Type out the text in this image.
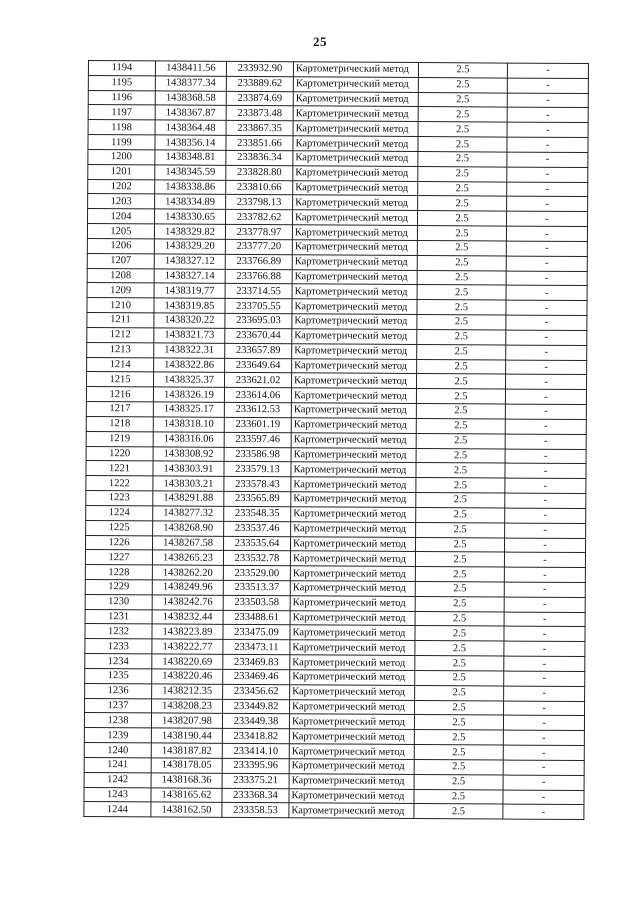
25
1194	1438411.56	233932.90	Картометрический метод	2.5	-
1195	1438377.34	233889.62	Картометрический метод	2.5	-
1196	1438368.58	233874.69	Картометрический метод	2.5	-
1197	1438367.87	233873.48	Картометрический метод	2.5	-
1198	1438364.48	233867.35	Картометрический метод	2.5	-
1199	1438356.14	233851.66	Картометрический метод	2.5	-
1200	1438348.81	233836.34	Картометрический метод	2.5	-
1201	1438345.59	233828.80	Картометрический метод	2.5	-
1202	1438338.86	233810.66	Картометрический метод	2.5	-
1203	1438334.89	233798.13	Картометрический метод	2.5	-
1204	1438330.65	233782.62	Картометрический метод	2.5	-
1205	1438329.82	233778.97	Картометрический метод	2.5	-
1206	1438329.20	233777.20	Картометрический метод	2.5	-
1207	1438327.12	233766.89	Картометрический метод	2.5	-
1208	1438327.14	233766.88	Картометрический метод	2.5	-
1209	1438319.77	233714.55	Картометрический метод	2.5	-
1210	1438319.85	233705.55	Картометрический метод	2.5	-
1211	1438320.22	233695.03	Картометрический метод	2.5	-
1212	1438321.73	233670.44	Картометрический метод	2.5	-
1213	1438322.31	233657.89	Картометрический метод	2.5	-
1214	1438322.86	233649.64	Картометрический метод	2.5	-
1215	1438325.37	233621.02	Картометрический метод	2.5	-
1216	1438326.19	233614.06	Картометрический метод	2.5	-
1217	1438325.17	233612.53	Картометрический метод	2.5	-
1218	1438318.10	233601.19	Картометрический метод	2.5	-
1219	1438316.06	233597.46	Картометрический метод	2.5	-
1220	1438308.92	233586.98	Картометрический метод	2.5	-
1221	1438303.91	233579.13	Картометрический метод	2.5	-
1222	1438303.21	233578.43	Картометрический метод	2.5	-
1223	1438291.88	233565.89	Картометрический метод	2.5	-
1224	1438277.32	233548.35	Картометрический метод	2.5	-
1225	1438268.90	233537.46	Картометрический метод	2.5	-
1226	1438267.58	233535.64	Картометрический метод	2.5	-
1227	1438265.23	233532.78	Картометрический метод	2.5	-
1228	1438262.20	233529.00	Картометрический метод	2.5	-
1229	1438249.96	233513.37	Картометрический метод	2.5	-
1230	1438242.76	233503.58	Картометрический метод	2.5	-
1231	1438232.44	233488.61	Картометрический метод	2.5	-
1232	1438223.89	233475.09	Картометрический метод	2.5	-
1233	1438222.77	233473.11	Картометрический метод	2.5	-
1234	1438220.69	233469.83	Картометрический метод	2.5	-
1235	1438220.46	233469.46	Картометрический метод	2.5	-
1236	1438212.35	233456.62	Картометрический метод	2.5	-
1237	1438208.23	233449.82	Картометрический метод	2.5	-
1238	1438207.98	233449.38	Картометрический метод	2.5	-
1239	1438190.44	233418.82	Картометрический метод	2.5	-
1240	1438187.82	233414.10	Картометрический метод	2.5	-
1241	1438178.05	233395.96	Картометрический метод	2.5	-
1242	1438168.36	233375.21	Картометрический метод	2.5	-
1243	1438165.62	233368.34	Картометрический метод	2.5	-
1244	1438162.50	233358.53	Картометрический метод	2.5	-
